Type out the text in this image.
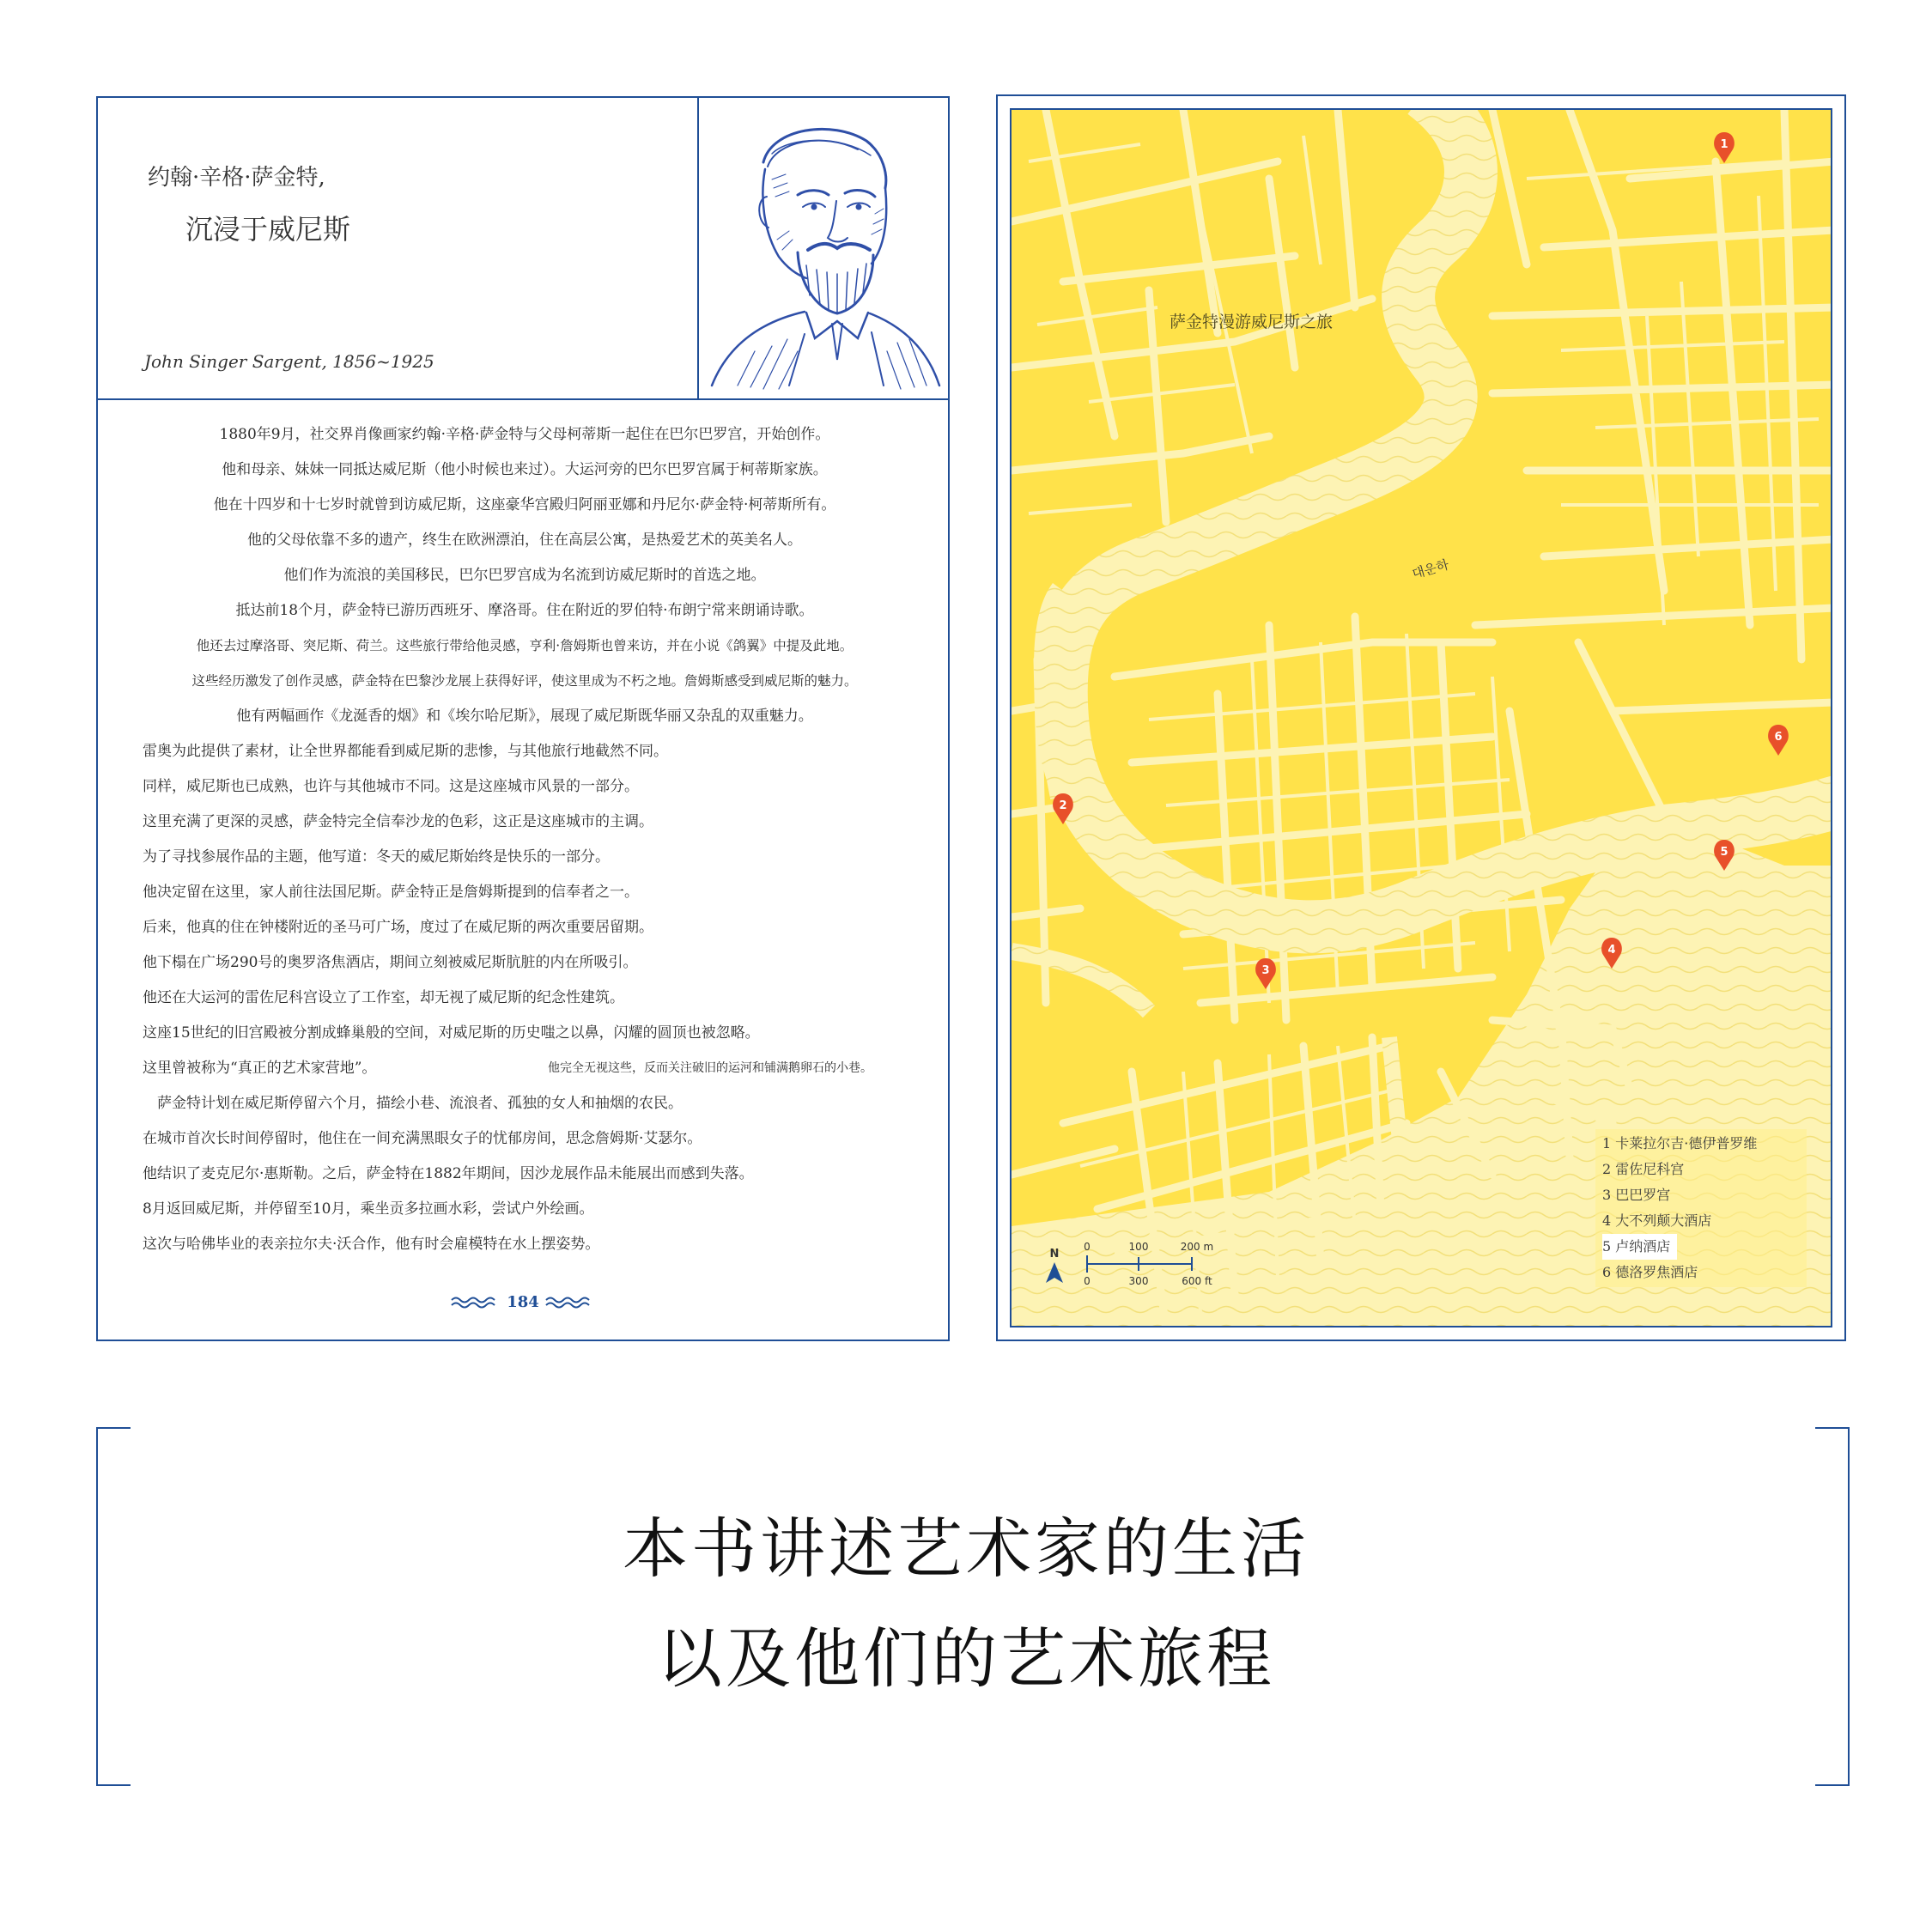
约翰·辛格·萨金特,
沉浸于威尼斯
John Singer Sargent, 1856~1925
1880年9月，社交界肖像画家约翰·辛格·萨金特与父母柯蒂斯一起住在巴尔巴罗宫，开始创作。
他和母亲、妹妹一同抵达威尼斯（他小时候也来过）。大运河旁的巴尔巴罗宫属于柯蒂斯家族。
他在十四岁和十七岁时就曾到访威尼斯，这座豪华宫殿归阿丽亚娜和丹尼尔·萨金特·柯蒂斯所有。
他的父母依靠不多的遗产，终生在欧洲漂泊，住在高层公寓，是热爱艺术的英美名人。
他们作为流浪的美国移民，巴尔巴罗宫成为名流到访威尼斯时的首选之地。
抵达前18个月，萨金特已游历西班牙、摩洛哥。住在附近的罗伯特·布朗宁常来朗诵诗歌。
他还去过摩洛哥、突尼斯、荷兰。这些旅行带给他灵感，亨利·詹姆斯也曾来访，并在小说《鸽翼》中提及此地。
这些经历激发了创作灵感，萨金特在巴黎沙龙展上获得好评，使这里成为不朽之地。詹姆斯感受到威尼斯的魅力。
他有两幅画作《龙涎香的烟》和《埃尔哈尼斯》，展现了威尼斯既华丽又杂乱的双重魅力。
雷奥为此提供了素材，让全世界都能看到威尼斯的悲惨，与其他旅行地截然不同。
同样，威尼斯也已成熟，也许与其他城市不同。这是这座城市风景的一部分。
这里充满了更深的灵感，萨金特完全信奉沙龙的色彩，这正是这座城市的主调。
为了寻找参展作品的主题，他写道：冬天的威尼斯始终是快乐的一部分。
他决定留在这里，家人前往法国尼斯。萨金特正是詹姆斯提到的信奉者之一。
后来，他真的住在钟楼附近的圣马可广场，度过了在威尼斯的两次重要居留期。
他下榻在广场290号的奥罗洛焦酒店，期间立刻被威尼斯肮脏的内在所吸引。
他还在大运河的雷佐尼科宫设立了工作室，却无视了威尼斯的纪念性建筑。
这座15世纪的旧宫殿被分割成蜂巢般的空间，对威尼斯的历史嗤之以鼻，闪耀的圆顶也被忽略。
这里曾被称为“真正的艺术家营地”。	他完全无视这些，反而关注破旧的运河和铺满鹅卵石的小巷。
　萨金特计划在威尼斯停留六个月，描绘小巷、流浪者、孤独的女人和抽烟的农民。
在城市首次长时间停留时，他住在一间充满黑眼女子的忧郁房间，思念詹姆斯·艾瑟尔。
他结识了麦克尼尔·惠斯勒。之后，萨金特在1882年期间，因沙龙展作品未能展出而感到失落。
8月返回威尼斯，并停留至10月，乘坐贡多拉画水彩，尝试户外绘画。
这次与哈佛毕业的表亲拉尔夫·沃合作，他有时会雇模特在水上摆姿势。
184
1
2
3
4
5
6
萨金特漫游威尼斯之旅
대운하
1 卡莱拉尔吉·德伊普罗维
2 雷佐尼科宫
3 巴巴罗宫
4 大不列颠大酒店
5 卢纳酒店
6 德洛罗焦酒店
N
0	100	200 m
0	300	600 ft
本书讲述艺术家的生活
以及他们的艺术旅程
